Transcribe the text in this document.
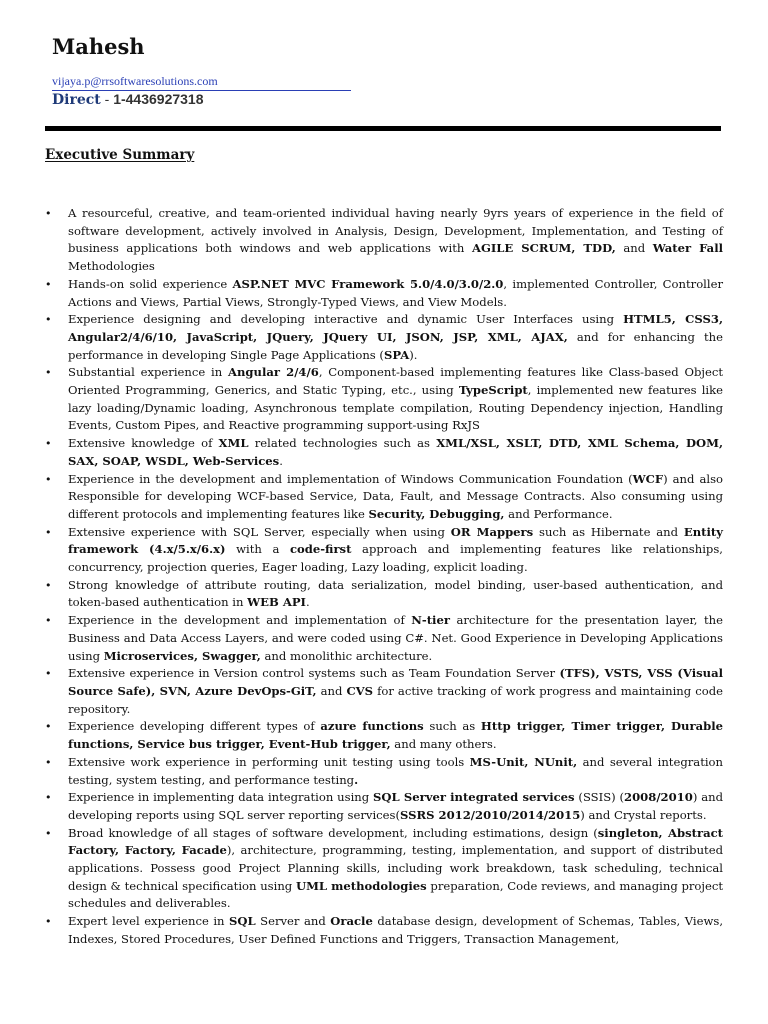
Mahesh
vijaya.p@rrsoftwaresolutions.com
Direct - 1-4436927318
Executive Summary
• A resourceful, creative, and team-oriented individual having nearly 9yrs years of experience in the field of software development, actively involved in Analysis, Design, Development, Implementation, and Testing of business applications both windows and web applications with AGILE SCRUM, TDD, and Water Fall Methodologies
• Hands-on solid experience ASP.NET MVC Framework 5.0/4.0/3.0/2.0, implemented Controller, Controller Actions and Views, Partial Views, Strongly-Typed Views, and View Models.
• Experience designing and developing interactive and dynamic User Interfaces using HTML5, CSS3, Angular2/4/6/10, JavaScript, JQuery, JQuery UI, JSON, JSP, XML, AJAX, and for enhancing the performance in developing Single Page Applications (SPA).
• Substantial experience in Angular 2/4/6, Component-based implementing features like Class-based Object Oriented Programming, Generics, and Static Typing, etc., using TypeScript, implemented new features like lazy loading/Dynamic loading, Asynchronous template compilation, Routing Dependency injection, Handling Events, Custom Pipes, and Reactive programming support-using RxJS
• Extensive knowledge of XML related technologies such as XML/XSL, XSLT, DTD, XML Schema, DOM, SAX, SOAP, WSDL, Web-Services.
• Experience in the development and implementation of Windows Communication Foundation (WCF) and also Responsible for developing WCF-based Service, Data, Fault, and Message Contracts. Also consuming using different protocols and implementing features like Security, Debugging, and Performance.
• Extensive experience with SQL Server, especially when using OR Mappers such as Hibernate and Entity framework (4.x/5.x/6.x) with a code-first approach and implementing features like relationships, concurrency, projection queries, Eager loading, Lazy loading, explicit loading.
• Strong knowledge of attribute routing, data serialization, model binding, user-based authentication, and token-based authentication in WEB API.
• Experience in the development and implementation of N-tier architecture for the presentation layer, the Business and Data Access Layers, and were coded using C#. Net. Good Experience in Developing Applications using Microservices, Swagger, and monolithic architecture.
• Extensive experience in Version control systems such as Team Foundation Server (TFS), VSTS, VSS (Visual Source Safe), SVN, Azure DevOps-GiT, and CVS for active tracking of work progress and maintaining code repository.
• Experience developing different types of azure functions such as Http trigger, Timer trigger, Durable functions, Service bus trigger, Event-Hub trigger, and many others.
• Extensive work experience in performing unit testing using tools MS-Unit, NUnit, and several integration testing, system testing, and performance testing.
• Experience in implementing data integration using SQL Server integrated services (SSIS) (2008/2010) and developing reports using SQL server reporting services(SSRS 2012/2010/2014/2015) and Crystal reports.
• Broad knowledge of all stages of software development, including estimations, design (singleton, Abstract Factory, Factory, Facade), architecture, programming, testing, implementation, and support of distributed applications. Possess good Project Planning skills, including work breakdown, task scheduling, technical design & technical specification using UML methodologies preparation, Code reviews, and managing project schedules and deliverables.
• Expert level experience in SQL Server and Oracle database design, development of Schemas, Tables, Views, Indexes, Stored Procedures, User Defined Functions and Triggers, Transaction Management,
